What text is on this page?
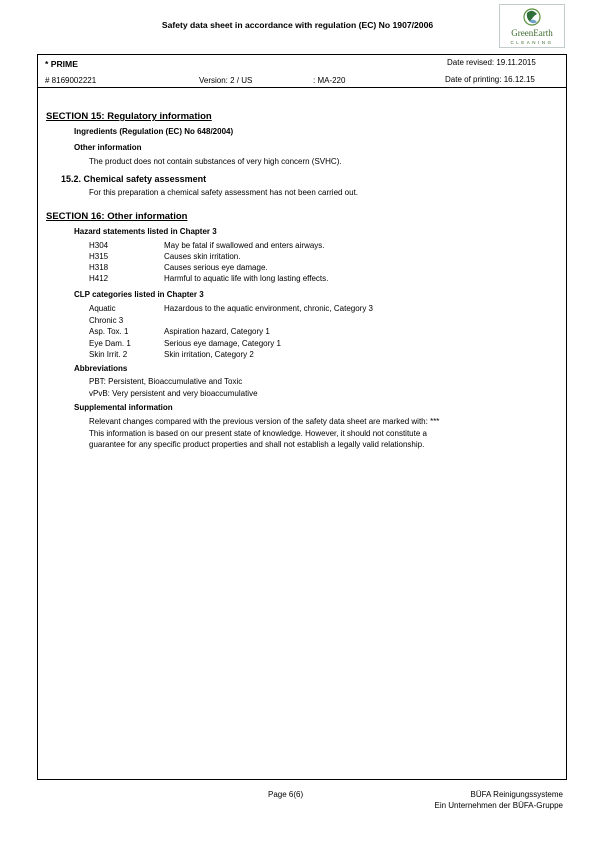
Safety data sheet in accordance with regulation (EC) No 1907/2006
GreenEarth
CLEANING
* PRIME	Date revised: 19.11.2015
# 8169002221	Version: 2 / US	: MA-220	Date of printing: 16.12.15
SECTION 15: Regulatory information
Ingredients (Regulation (EC) No 648/2004)
Other information
The product does not contain substances of very high concern (SVHC).
15.2. Chemical safety assessment
For this preparation a chemical safety assessment has not been carried out.
SECTION 16: Other information
Hazard statements listed in Chapter 3
H304	May be fatal if swallowed and enters airways.
H315	Causes skin irritation.
H318	Causes serious eye damage.
H412	Harmful to aquatic life with long lasting effects.
CLP categories listed in Chapter 3
Aquatic	Hazardous to the aquatic environment, chronic, Category 3
Chronic 3
Asp. Tox. 1	Aspiration hazard, Category 1
Eye Dam. 1	Serious eye damage, Category 1
Skin Irrit. 2	Skin irritation, Category 2
Abbreviations
PBT: Persistent, Bioaccumulative and Toxic
vPvB: Very persistent and very bioaccumulative
Supplemental information
Relevant changes compared with the previous version of the safety data sheet are marked with: ***
This information is based on our present state of knowledge. However, it should not constitute a
guarantee for any specific product properties and shall not establish a legally valid relationship.
Page 6(6)	BÜFA Reinigungssysteme
Ein Unternehmen der BÜFA-Gruppe
